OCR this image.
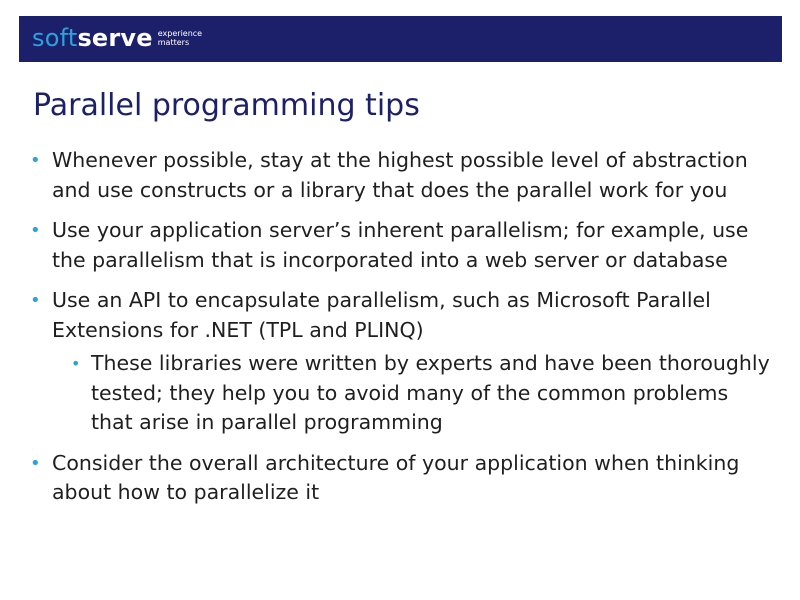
soft serve experience
matters
Parallel programming tips
• Whenever possible, stay at the highest possible level of abstraction and use constructs or a library that does the parallel work for you
• Use your application server’s inherent parallelism; for example, use the parallelism that is incorporated into a web server or database
• Use an API to encapsulate parallelism, such as Microsoft Parallel Extensions for .NET (TPL and PLINQ)
• These libraries were written by experts and have been thoroughly tested; they help you to avoid many of the common problems that arise in parallel programming
• Consider the overall architecture of your application when thinking about how to parallelize it
